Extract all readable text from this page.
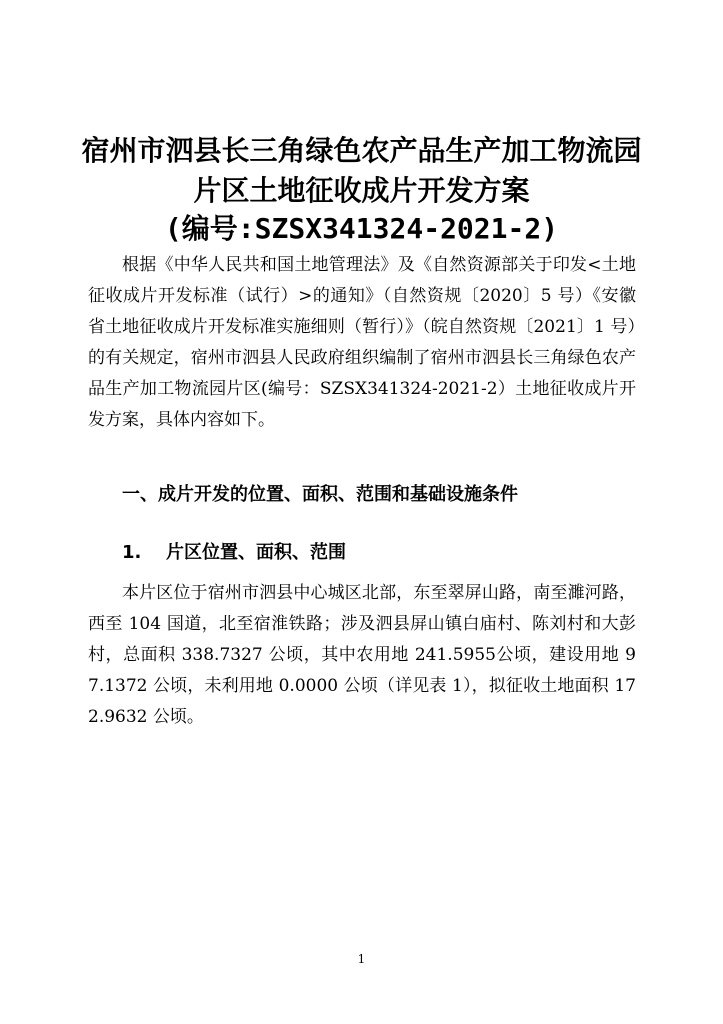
宿州市泗县长三角绿色农产品生产加工物流园
片区土地征收成片开发方案
(编号:SZSX341324-2021-2)

根据《中华人民共和国土地管理法》及《自然资源部关于印发<土地征收成片开发标准（试行）>的通知》（自然资规〔2020〕5 号）《安徽省土地征收成片开发标准实施细则（暂行）》（皖自然资规〔2021〕1 号）的有关规定，宿州市泗县人民政府组织编制了宿州市泗县长三角绿色农产品生产加工物流园片区(编号：SZSX341324-2021-2）土地征收成片开发方案，具体内容如下。

一、成片开发的位置、面积、范围和基础设施条件
1. 片区位置、面积、范围

本片区位于宿州市泗县中心城区北部，东至翠屏山路，南至濉河路，西至 104 国道，北至宿淮铁路；涉及泗县屏山镇白庙村、陈刘村和大彭村，总面积 338.7327 公顷，其中农用地 241.5955公顷，建设用地 97.1372 公顷，未利用地 0.0000 公顷（详见表 1），拟征收土地面积 172.9632 公顷。

1
